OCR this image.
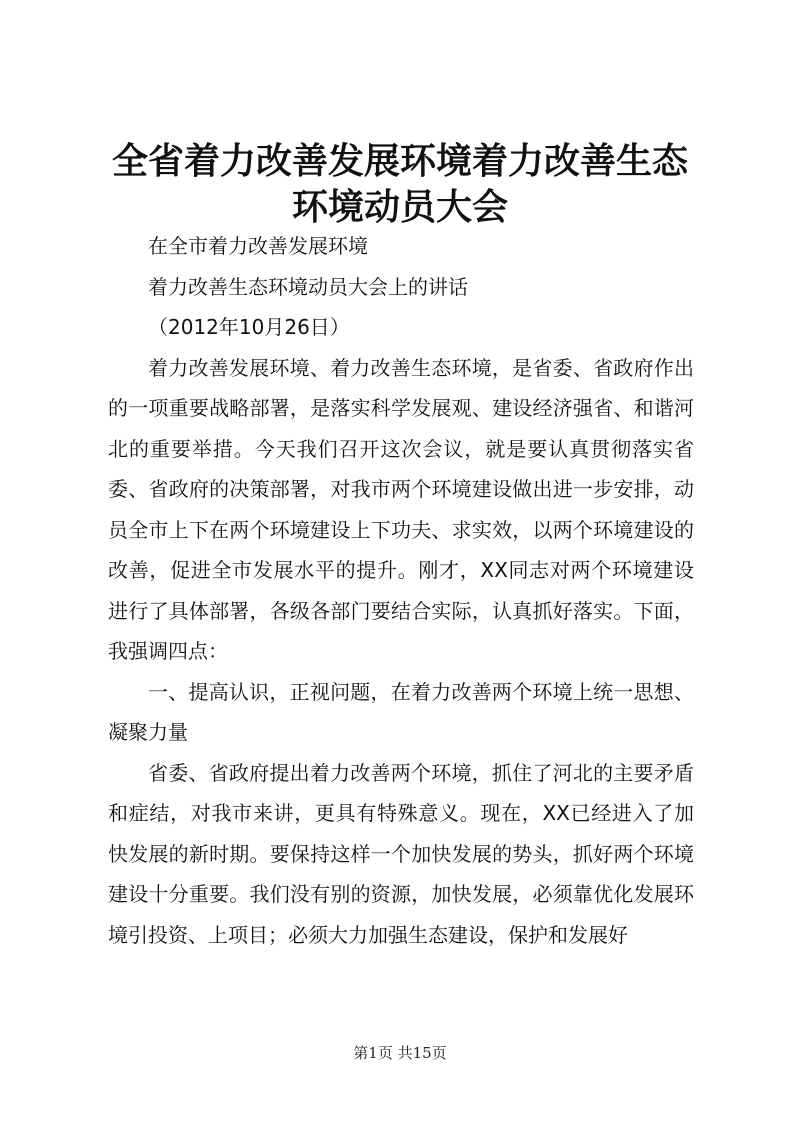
全省着力改善发展环境着力改善生态环境动员大会

在全市着力改善发展环境

着力改善生态环境动员大会上的讲话

（2012年10月26日）

着力改善发展环境、着力改善生态环境，是省委、省政府作出的一项重要战略部署，是落实科学发展观、建设经济强省、和谐河北的重要举措。今天我们召开这次会议，就是要认真贯彻落实省委、省政府的决策部署，对我市两个环境建设做出进一步安排，动员全市上下在两个环境建设上下功夫、求实效，以两个环境建设的改善，促进全市发展水平的提升。刚才，XX同志对两个环境建设进行了具体部署，各级各部门要结合实际，认真抓好落实。下面，我强调四点：

一、提高认识，正视问题，在着力改善两个环境上统一思想、凝聚力量

省委、省政府提出着力改善两个环境，抓住了河北的主要矛盾和症结，对我市来讲，更具有特殊意义。现在，XX已经进入了加快发展的新时期。要保持这样一个加快发展的势头，抓好两个环境建设十分重要。我们没有别的资源，加快发展，必须靠优化发展环境引投资、上项目；必须大力加强生态建设，保护和发展好

第1页 共15页
